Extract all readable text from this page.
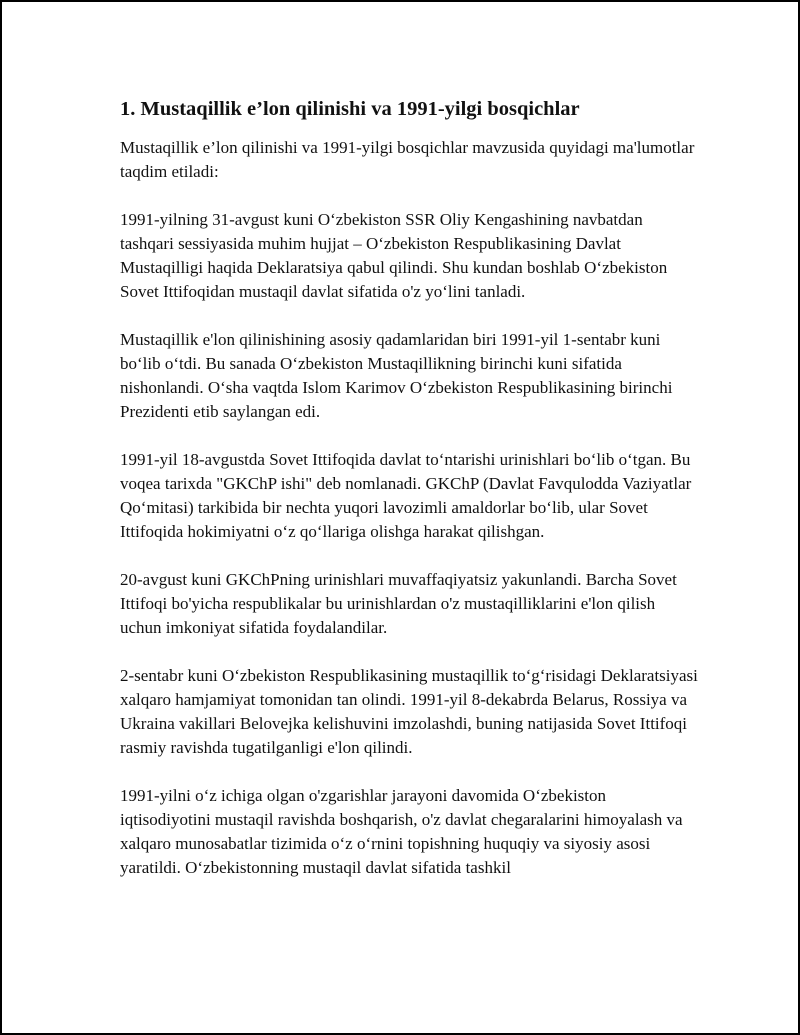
1. Mustaqillik e’lon qilinishi va 1991-yilgi bosqichlar

Mustaqillik e’lon qilinishi va 1991-yilgi bosqichlar mavzusida quyidagi ma'lumotlar taqdim etiladi:

1991-yilning 31-avgust kuni O‘zbekiston SSR Oliy Kengashining navbatdan tashqari sessiyasida muhim hujjat – O‘zbekiston Respublikasining Davlat Mustaqilligi haqida Deklaratsiya qabul qilindi. Shu kundan boshlab O‘zbekiston Sovet Ittifoqidan mustaqil davlat sifatida o'z yo‘lini tanladi.

Mustaqillik e'lon qilinishining asosiy qadamlaridan biri 1991-yil 1-sentabr kuni bo‘lib o‘tdi. Bu sanada O‘zbekiston Mustaqillikning birinchi kuni sifatida nishonlandi. O‘sha vaqtda Islom Karimov O‘zbekiston Respublikasining birinchi Prezidenti etib saylangan edi.

1991-yil 18-avgustda Sovet Ittifoqida davlat to‘ntarishi urinishlari bo‘lib o‘tgan. Bu voqea tarixda "GKChP ishi" deb nomlanadi. GKChP (Davlat Favqulodda Vaziyatlar Qo‘mitasi) tarkibida bir nechta yuqori lavozimli amaldorlar bo‘lib, ular Sovet Ittifoqida hokimiyatni o‘z qo‘llariga olishga harakat qilishgan.

20-avgust kuni GKChPning urinishlari muvaffaqiyatsiz yakunlandi. Barcha Sovet Ittifoqi bo'yicha respublikalar bu urinishlardan o'z mustaqilliklarini e'lon qilish uchun imkoniyat sifatida foydalandilar.

2-sentabr kuni O‘zbekiston Respublikasining mustaqillik to‘g‘risidagi Deklaratsiyasi xalqaro hamjamiyat tomonidan tan olindi. 1991-yil 8-dekabrda Belarus, Rossiya va Ukraina vakillari Belovejka kelishuvini imzolashdi, buning natijasida Sovet Ittifoqi rasmiy ravishda tugatilganligi e'lon qilindi.

1991-yilni o‘z ichiga olgan o'zgarishlar jarayoni davomida O‘zbekiston iqtisodiyotini mustaqil ravishda boshqarish, o'z davlat chegaralarini himoyalash va xalqaro munosabatlar tizimida o‘z o‘rnini topishning huquqiy va siyosiy asosi yaratildi. O‘zbekistonning mustaqil davlat sifatida tashkil
